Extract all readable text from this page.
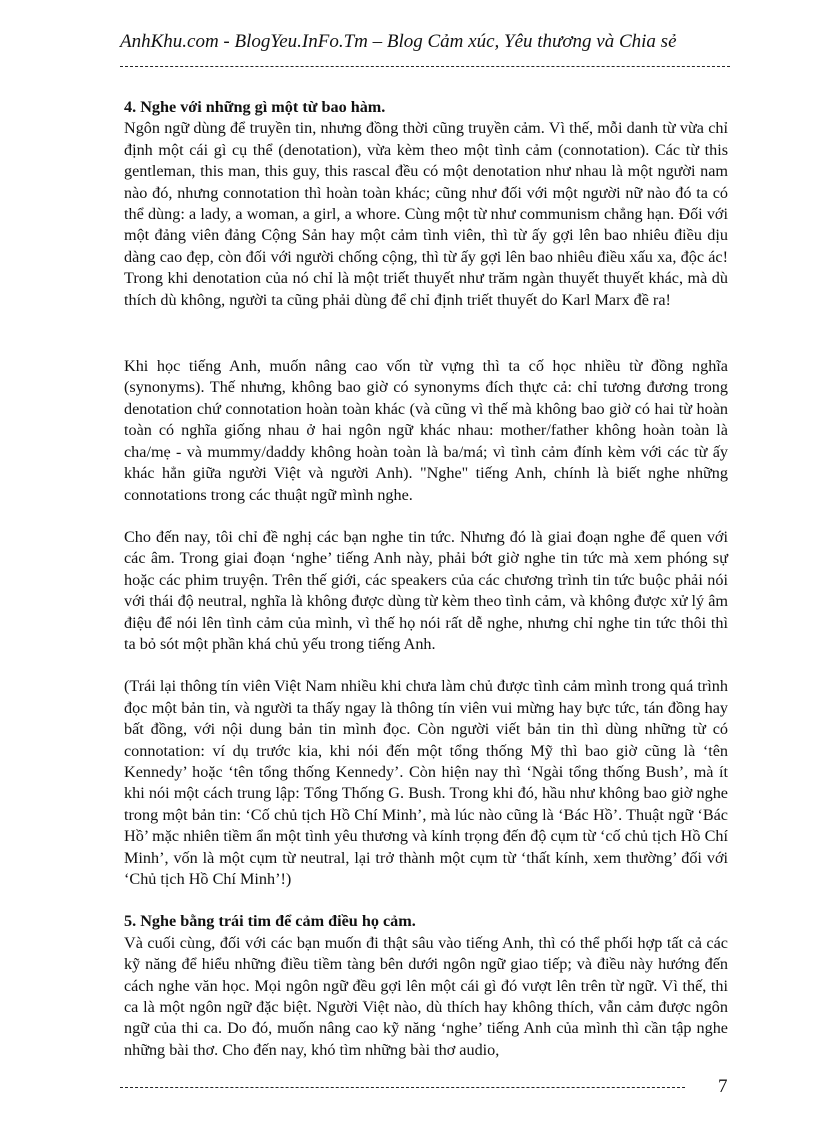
AnhKhu.com - BlogYeu.InFo.Tm – Blog Cảm xúc, Yêu thương và Chia sẻ
4. Nghe với những gì một từ bao hàm.

Ngôn ngữ dùng để truyền tin, nhưng đồng thời cũng truyền cảm. Vì thế, mỗi danh từ vừa chỉ định một cái gì cụ thể (denotation), vừa kèm theo một tình cảm (connotation). Các từ this gentleman, this man, this guy, this rascal đều có một denotation như nhau là một người nam nào đó, nhưng connotation thì hoàn toàn khác; cũng như đối với một người nữ nào đó ta có thể dùng: a lady, a woman, a girl, a whore. Cùng một từ như communism chẳng hạn. Đối với một đảng viên đảng Cộng Sản hay một cảm tình viên, thì từ ấy gợi lên bao nhiêu điều dịu dàng cao đẹp, còn đối với người chống cộng, thì từ ấy gợi lên bao nhiêu điều xấu xa, độc ác! Trong khi denotation của nó chỉ là một triết thuyết như trăm ngàn thuyết thuyết khác, mà dù thích dù không, người ta cũng phải dùng để chỉ định triết thuyết do Karl Marx đề ra!

Khi học tiếng Anh, muốn nâng cao vốn từ vựng thì ta cố học nhiều từ đồng nghĩa (synonyms). Thế nhưng, không bao giờ có synonyms đích thực cả: chỉ tương đương trong denotation chứ connotation hoàn toàn khác (và cũng vì thế mà không bao giờ có hai từ hoàn toàn có nghĩa giống nhau ở hai ngôn ngữ khác nhau: mother/father không hoàn toàn là cha/mẹ - và mummy/daddy không hoàn toàn là ba/má; vì tình cảm đính kèm với các từ ấy khác hẳn giữa người Việt và người Anh). "Nghe" tiếng Anh, chính là biết nghe những connotations trong các thuật ngữ mình nghe.

Cho đến nay, tôi chỉ đề nghị các bạn nghe tin tức. Nhưng đó là giai đoạn nghe để quen với các âm. Trong giai đoạn ‘nghe’ tiếng Anh này, phải bớt giờ nghe tin tức mà xem phóng sự hoặc các phim truyện. Trên thế giới, các speakers của các chương trình tin tức buộc phải nói với thái độ neutral, nghĩa là không được dùng từ kèm theo tình cảm, và không được xử lý âm điệu để nói lên tình cảm của mình, vì thế họ nói rất dễ nghe, nhưng chỉ nghe tin tức thôi thì ta bỏ sót một phần khá chủ yếu trong tiếng Anh.

(Trái lại thông tín viên Việt Nam nhiều khi chưa làm chủ được tình cảm mình trong quá trình đọc một bản tin, và người ta thấy ngay là thông tín viên vui mừng hay bực tức, tán đồng hay bất đồng, với nội dung bản tin mình đọc. Còn người viết bản tin thì dùng những từ có connotation: ví dụ trước kia, khi nói đến một tổng thống Mỹ thì bao giờ cũng là ‘tên Kennedy’ hoặc ‘tên tổng thống Kennedy’. Còn hiện nay thì ‘Ngài tổng thống Bush’, mà ít khi nói một cách trung lập: Tổng Thống G. Bush. Trong khi đó, hầu như không bao giờ nghe trong một bản tin: ‘Cố chủ tịch Hồ Chí Minh’, mà lúc nào cũng là ‘Bác Hồ’. Thuật ngữ ‘Bác Hồ’ mặc nhiên tiềm ẩn một tình yêu thương và kính trọng đến độ cụm từ ‘cố chủ tịch Hồ Chí Minh’, vốn là một cụm từ neutral, lại trở thành một cụm từ ‘thất kính, xem thường’ đối với ‘Chủ tịch Hồ Chí Minh’!)

5. Nghe bằng trái tim để cảm điều họ cảm.

Và cuối cùng, đối với các bạn muốn đi thật sâu vào tiếng Anh, thì có thể phối hợp tất cả các kỹ năng để hiểu những điều tiềm tàng bên dưới ngôn ngữ giao tiếp; và điều này hướng đến cách nghe văn học. Mọi ngôn ngữ đều gợi lên một cái gì đó vượt lên trên từ ngữ. Vì thế, thi ca là một ngôn ngữ đặc biệt. Người Việt nào, dù thích hay không thích, vẫn cảm được ngôn ngữ của thi ca. Do đó, muốn nâng cao kỹ năng ‘nghe’ tiếng Anh của mình thì cần tập nghe những bài thơ. Cho đến nay, khó tìm những bài thơ audio,

7
